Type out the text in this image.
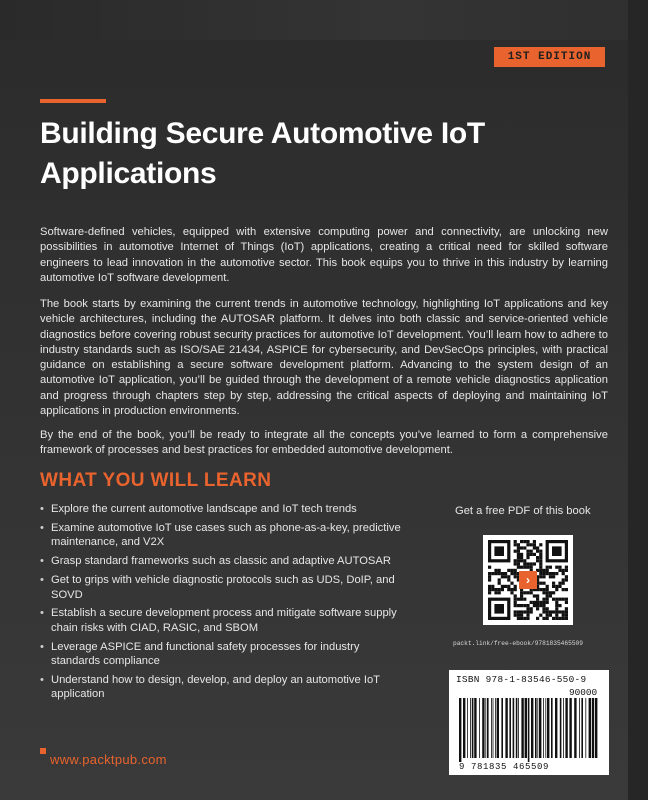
1ST EDITION
Building Secure Automotive IoT Applications
Software-defined vehicles, equipped with extensive computing power and connectivity, are unlocking new possibilities in automotive Internet of Things (IoT) applications, creating a critical need for skilled software engineers to lead innovation in the automotive sector. This book equips you to thrive in this industry by learning automotive IoT software development.
The book starts by examining the current trends in automotive technology, highlighting IoT applications and key vehicle architectures, including the AUTOSAR platform. It delves into both classic and service-oriented vehicle diagnostics before covering robust security practices for automotive IoT development. You’ll learn how to adhere to industry standards such as ISO/SAE 21434, ASPICE for cybersecurity, and DevSecOps principles, with practical guidance on establishing a secure software development platform. Advancing to the system design of an automotive IoT application, you’ll be guided through the development of a remote vehicle diagnostics application and progress through chapters step by step, addressing the critical aspects of deploying and maintaining IoT applications in production environments.
By the end of the book, you’ll be ready to integrate all the concepts you’ve learned to form a comprehensive framework of processes and best practices for embedded automotive development.
WHAT YOU WILL LEARN
• Explore the current automotive landscape and IoT tech trends
• Examine automotive IoT use cases such as phone-as-a-key, predictive maintenance, and V2X
• Grasp standard frameworks such as classic and adaptive AUTOSAR
• Get to grips with vehicle diagnostic protocols such as UDS, DoIP, and SOVD
• Establish a secure development process and mitigate software supply chain risks with CIAD, RASIC, and SBOM
• Leverage ASPICE and functional safety processes for industry standards compliance
• Understand how to design, develop, and deploy an automotive IoT application
Get a free PDF of this book
›
packt.link/free-ebook/9781835465509
ISBN 978-1-83546-550-9
90000
9 781835 465509
www.packtpub.com
